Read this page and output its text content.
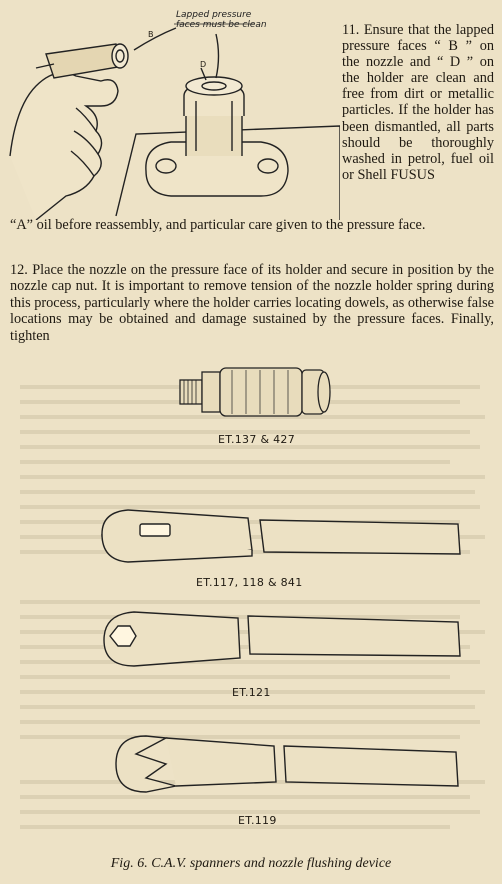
Lapped pressure
faces must be clean
B
D
11. Ensure that the lapped pressure faces “ B ” on the nozzle and “ D ” on the holder are clean and free from dirt or metallic particles. If the holder has been dismantled, all parts should be thoroughly washed in petrol, fuel oil or Shell FUSUS
“A” oil before reassembly, and particular care given to the pressure face.
12. Place the nozzle on the pressure face of its holder and secure in position by the nozzle cap nut. It is important to remove tension of the nozzle holder spring during this process, particularly where the holder carries locating dowels, as otherwise false locations may be obtained and damage sustained by the pressure faces. Finally, tighten
ET.137 & 427
ET.117, 118 & 841
ET.121
ET.119
Fig. 6. C.A.V. spanners and nozzle flushing device
